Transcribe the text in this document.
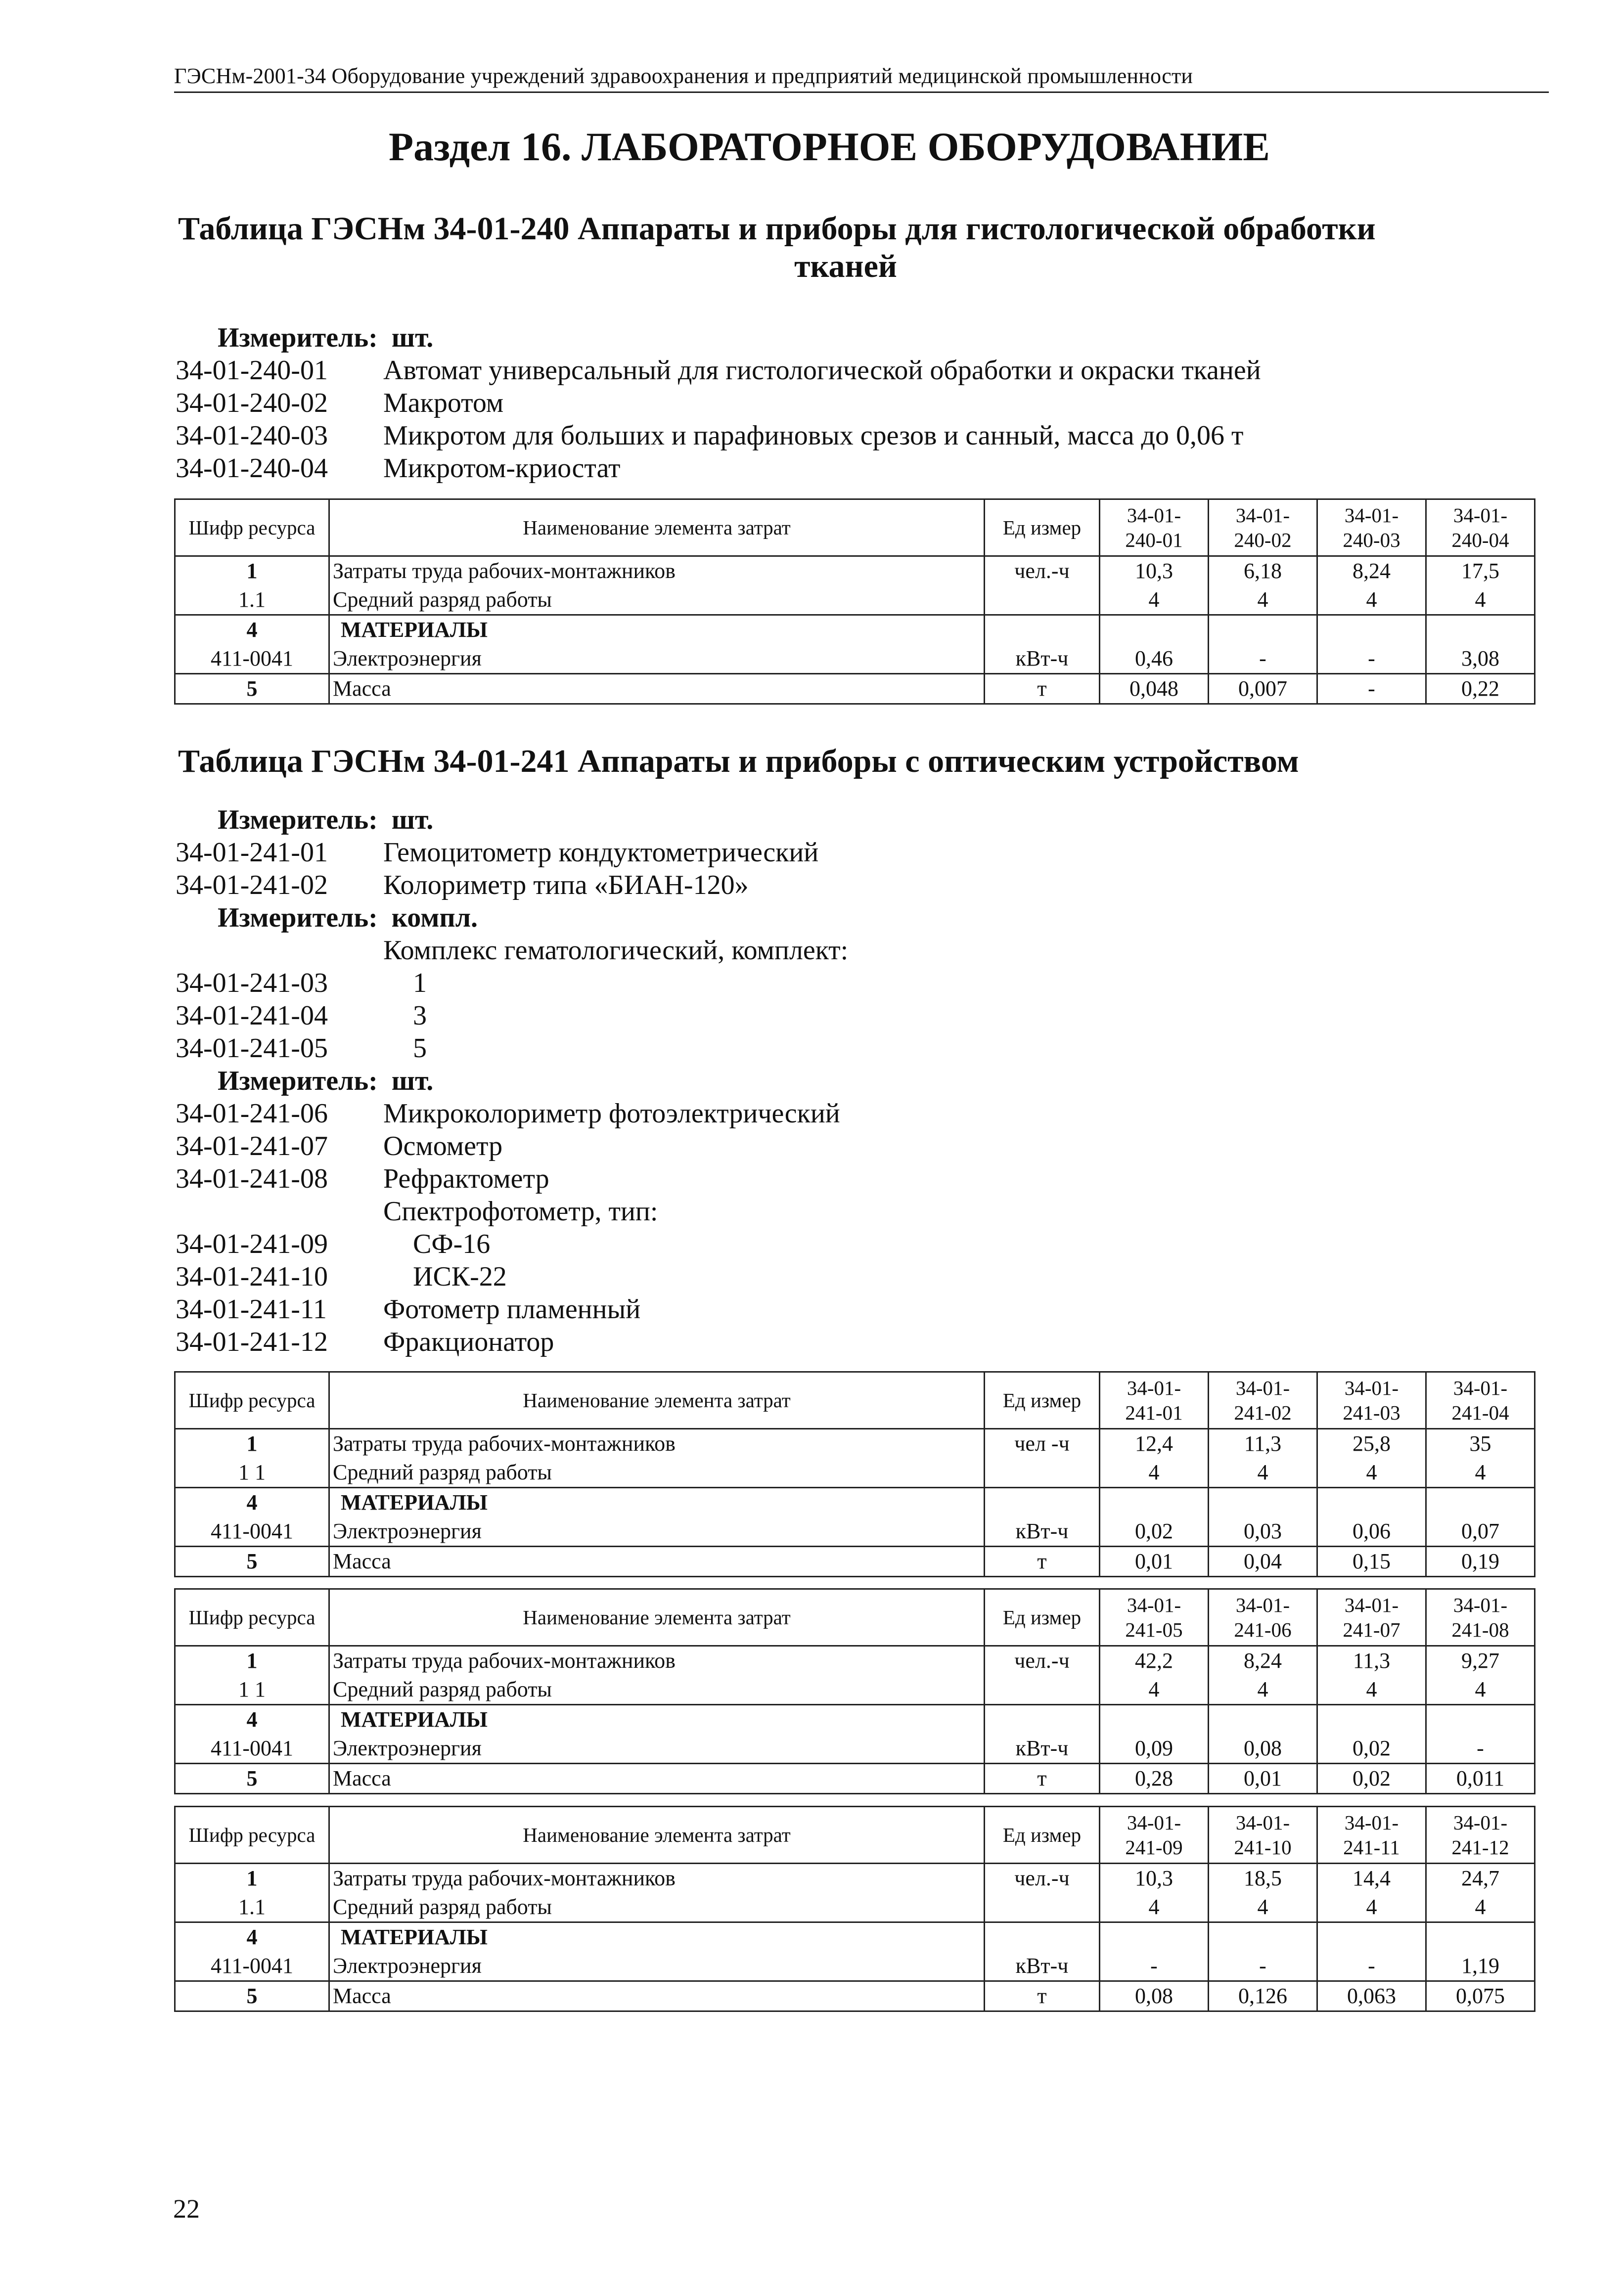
ГЭСНм-2001-34 Оборудование учреждений здравоохранения и предприятий медицинской промышленности
Раздел 16. ЛАБОРАТОРНОЕ ОБОРУДОВАНИЕ
Таблица ГЭСНм 34-01-240 Аппараты и приборы для гистологической обработки
тканей
Измеритель: шт.
34-01-240-01 Автомат универсальный для гистологической обработки и окраски тканей
34-01-240-02 Макротом
34-01-240-03 Микротом для больших и парафиновых срезов и санный, масса до 0,06 т
34-01-240-04 Микротом-криостат
Шифр ресурса	Наименование элемента затрат	Ед измер	34-01-
240-01	34-01-
240-02	34-01-
240-03	34-01-
240-04
1	Затраты труда рабочих-монтажников	чел.-ч	10,3	6,18	8,24	17,5
1.1	Средний разряд работы		4	4	4	4
4	МАТЕРИАЛЫ					
411-0041	Электроэнергия	кВт-ч	0,46	-	-	3,08
5	Масса	т	0,048	0,007	-	0,22
Таблица ГЭСНм 34-01-241 Аппараты и приборы с оптическим устройством
Измеритель: шт.
34-01-241-01 Гемоцитометр кондуктометрический
34-01-241-02 Колориметр типа «БИАН-120»
Измеритель: компл.
Комплекс гематологический, комплект:
34-01-241-03	1
34-01-241-04	3
34-01-241-05	5
Измеритель: шт.
34-01-241-06 Микроколориметр фотоэлектрический
34-01-241-07 Осмометр
34-01-241-08 Рефрактометр
Спектрофотометр, тип:
34-01-241-09	СФ-16
34-01-241-10	ИСК-22
34-01-241-11 Фотометр пламенный
34-01-241-12 Фракционатор
Шифр ресурса	Наименование элемента затрат	Ед измер	34-01-
241-01	34-01-
241-02	34-01-
241-03	34-01-
241-04
1	Затраты труда рабочих-монтажников	чел -ч	12,4	11,3	25,8	35
1 1	Средний разряд работы		4	4	4	4
4	МАТЕРИАЛЫ					
411-0041	Электроэнергия	кВт-ч	0,02	0,03	0,06	0,07
5	Масса	т	0,01	0,04	0,15	0,19
Шифр ресурса	Наименование элемента затрат	Ед измер	34-01-
241-05	34-01-
241-06	34-01-
241-07	34-01-
241-08
1	Затраты труда рабочих-монтажников	чел.-ч	42,2	8,24	11,3	9,27
1 1	Средний разряд работы		4	4	4	4
4	МАТЕРИАЛЫ					
411-0041	Электроэнергия	кВт-ч	0,09	0,08	0,02	-
5	Масса	т	0,28	0,01	0,02	0,011
Шифр ресурса	Наименование элемента затрат	Ед измер	34-01-
241-09	34-01-
241-10	34-01-
241-11	34-01-
241-12
1	Затраты труда рабочих-монтажников	чел.-ч	10,3	18,5	14,4	24,7
1.1	Средний разряд работы		4	4	4	4
4	МАТЕРИАЛЫ					
411-0041	Электроэнергия	кВт-ч	-	-	-	1,19
5	Масса	т	0,08	0,126	0,063	0,075
22
